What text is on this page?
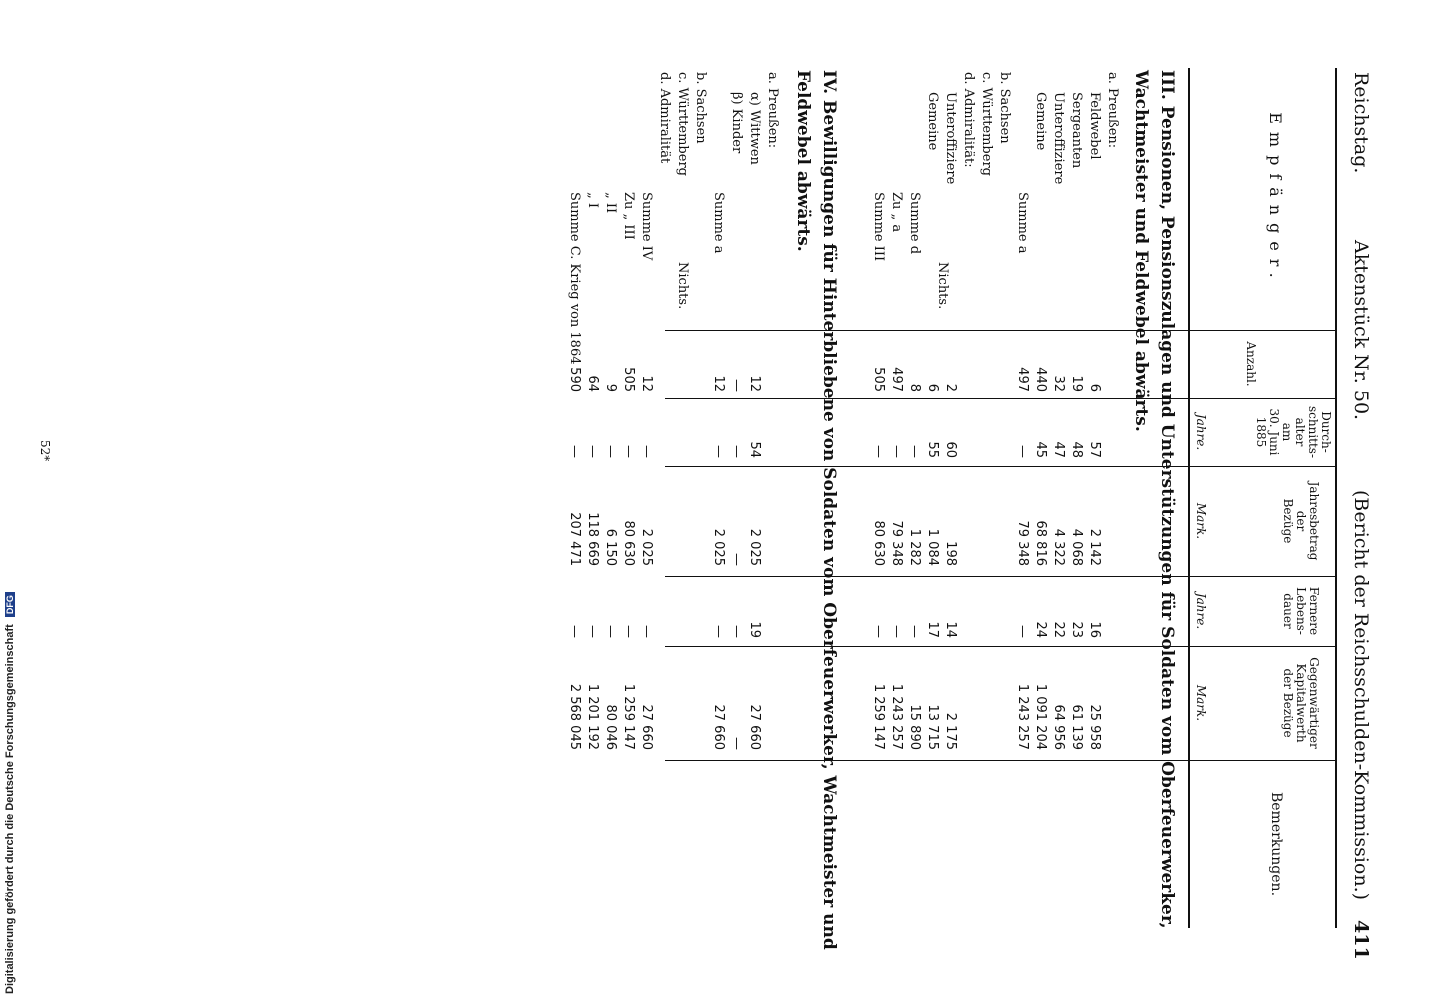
Reichstag.
Aktenstück Nr. 50.
(Bericht der Reichsschulden-Kommission.)
411
Empfänger.
Anzahl.
Durch-
schnitts-
alter
am
30. Juni
1885
Jahresbetrag
der
Bezüge
Fernere
Lebens-
dauer
Gegenwärtiger
Kapitalwerth
der Bezüge
Bemerkungen.
Jahre.
Mark.
Jahre.
Mark.
III. Pensionen, Pensionszulagen und Unterstützungen für Soldaten vom Oberfeuerwerker, Wachtmeister und Feldwebel abwärts.
a. Preußen:
Feldwebel
6
57
2 142
16
25 958
Sergeanten
19
48
4 068
23
61 139
Unteroffiziere
32
47
4 322
22
64 956
Gemeine
440
45
68 816
24
1 091 204
Summe a
497
—
79 348
—
1 243 257
b. Sachsen
c. Württemberg
d. Admiralität:
Unteroffiziere
2
60
198
14
2 175
Gemeine
6
55
1 084
17
13 715
Summe d
8
—
1 282
—
15 890
Zu „ a
497
—
79 348
—
1 243 257
Summe III
505
—
80 630
—
1 259 147
Nichts.
IV. Bewilligungen für Hinterbliebene von Soldaten vom Oberfeuerwerker, Wachtmeister und Feldwebel abwärts.
a. Preußen:
α) Wittwen
12
54
2 025
19
27 660
β) Kinder
—
—
—
—
—
Summe a
12
—
2 025
—
27 660
b. Sachsen
c. Württemberg
d. Admiralität
Summe IV
12
—
2 025
—
27 660
Zu „ III
505
—
80 630
—
1 259 147
„ II
9
—
6 150
—
80 046
„ I
64
—
118 669
—
1 201 192
Summe C. Krieg von 1864
590
—
207 471
—
2 568 045
Nichts.
52*
Digitalisierung gefördert durch die Deutsche Forschungsgemeinschaft DFG
